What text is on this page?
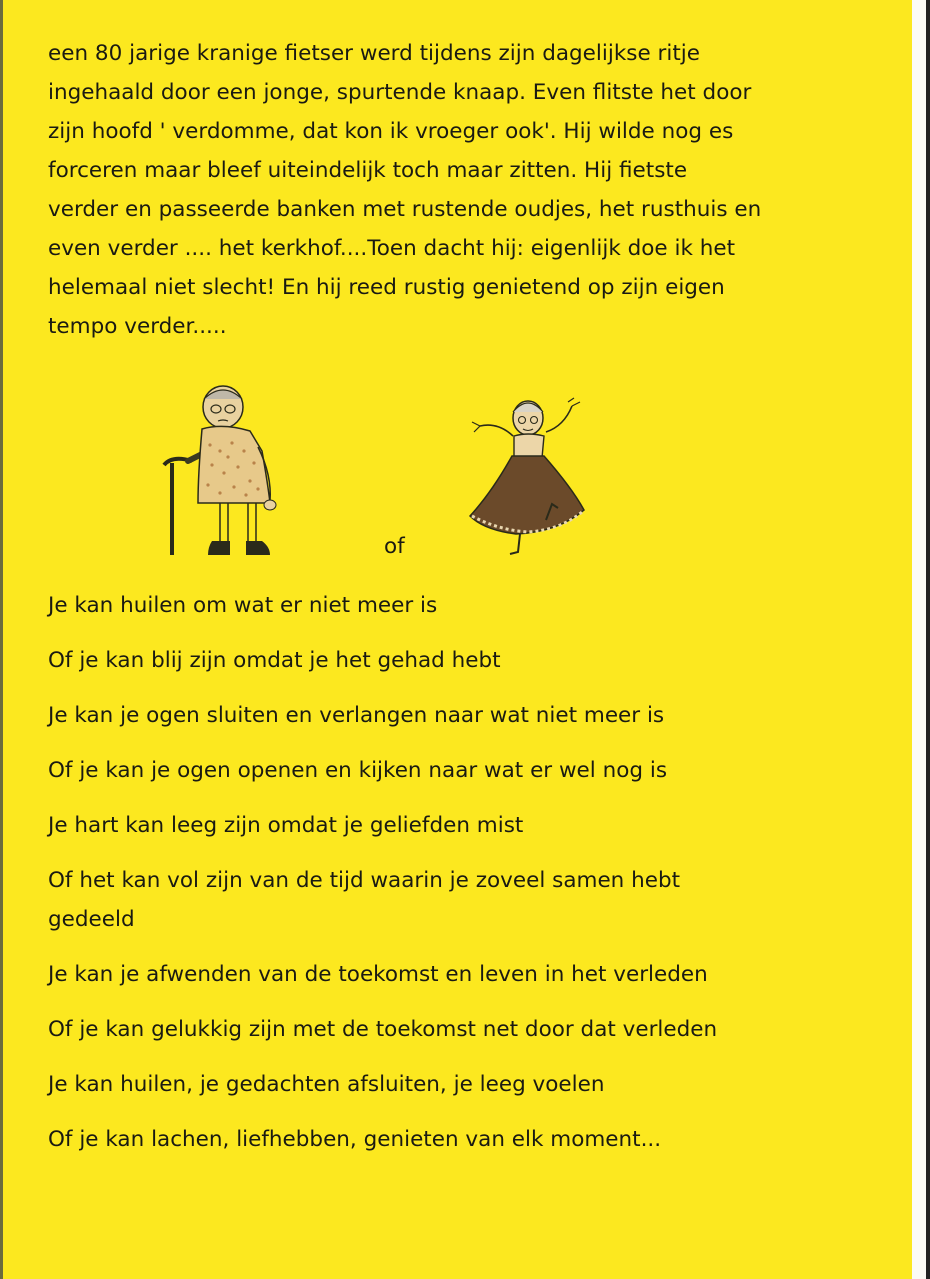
een 80 jarige kranige fietser werd tijdens zijn dagelijkse ritje
ingehaald door een jonge, spurtende knaap. Even flitste het door
zijn hoofd ' verdomme, dat kon ik vroeger ook'. Hij wilde nog es
forceren maar bleef uiteindelijk toch maar zitten. Hij fietste
verder en passeerde banken met rustende oudjes, het rusthuis en
even verder .... het kerkhof....Toen dacht hij: eigenlijk doe ik het
helemaal niet slecht! En hij reed rustig genietend op zijn eigen
tempo verder.....

of
Je kan huilen om wat er niet meer is
Of je kan blij zijn omdat je het gehad hebt
Je kan je ogen sluiten en verlangen naar wat niet meer is
Of je kan je ogen openen en kijken naar wat er wel nog is
Je hart kan leeg zijn omdat je geliefden mist
Of het kan vol zijn van de tijd waarin je zoveel samen hebt
gedeeld
Je kan je afwenden van de toekomst en leven in het verleden
Of je kan gelukkig zijn met de toekomst net door dat verleden
Je kan huilen, je gedachten afsluiten, je leeg voelen
Of je kan lachen, liefhebben, genieten van elk moment...
